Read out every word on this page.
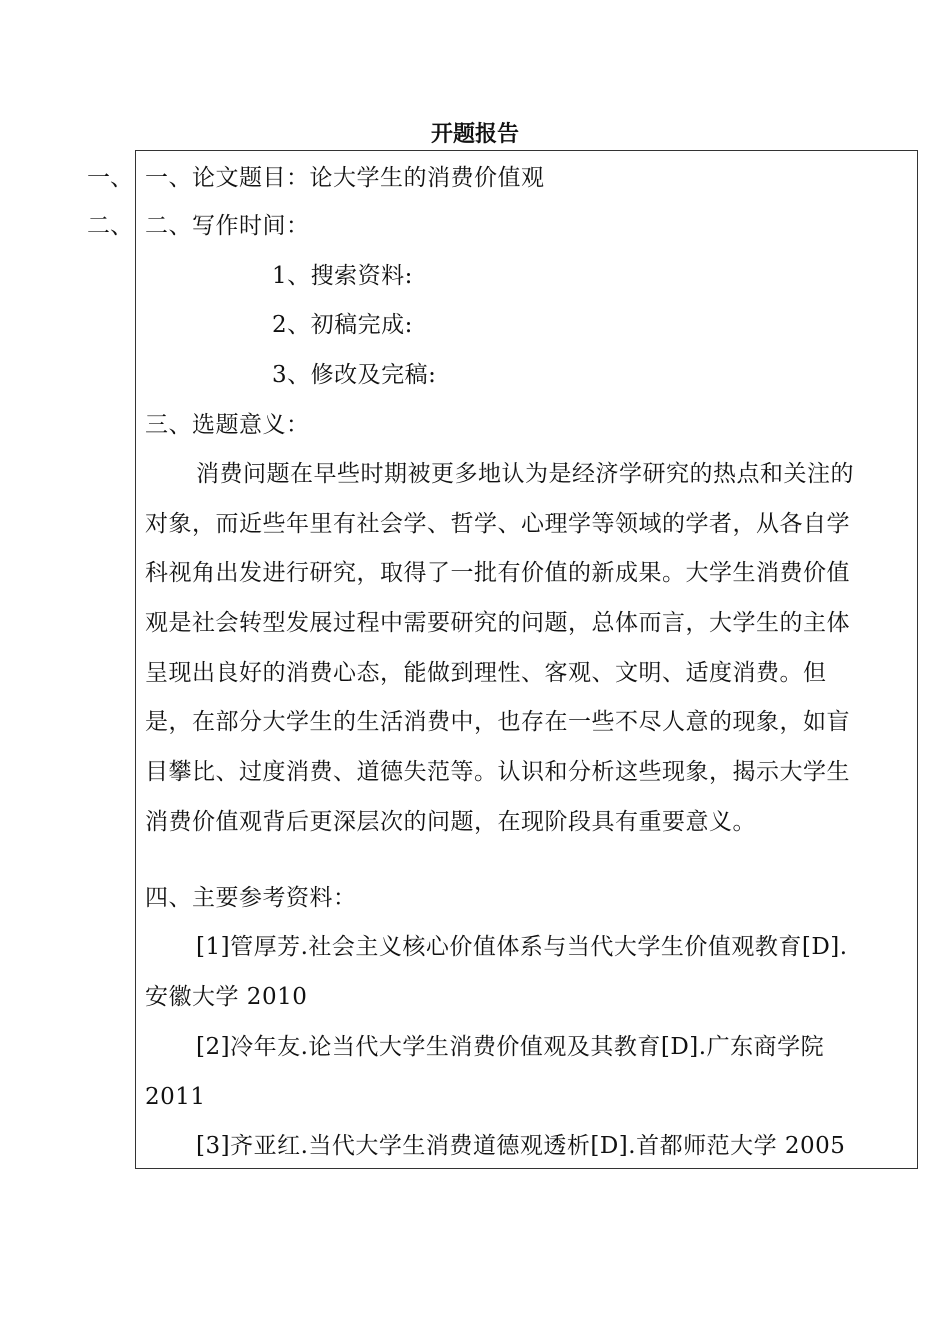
开题报告
一、
二、
一、论文题目：论大学生的消费价值观
二、写作时间：
1、搜索资料:
2、初稿完成:
3、修改及完稿:
三、选题意义：
消费问题在早些时期被更多地认为是经济学研究的热点和关注的
对象，而近些年里有社会学、哲学、心理学等领域的学者，从各自学
科视角出发进行研究，取得了一批有价值的新成果。大学生消费价值
观是社会转型发展过程中需要研究的问题，总体而言，大学生的主体
呈现出良好的消费心态，能做到理性、客观、文明、适度消费。但
是，在部分大学生的生活消费中，也存在一些不尽人意的现象，如盲
目攀比、过度消费、道德失范等。认识和分析这些现象，揭示大学生
消费价值观背后更深层次的问题，在现阶段具有重要意义。
四、主要参考资料：
[1]管厚芳.社会主义核心价值体系与当代大学生价值观教育[D].
安徽大学 2010
[2]冷年友.论当代大学生消费价值观及其教育[D].广东商学院
2011
[3]齐亚红.当代大学生消费道德观透析[D].首都师范大学 2005
